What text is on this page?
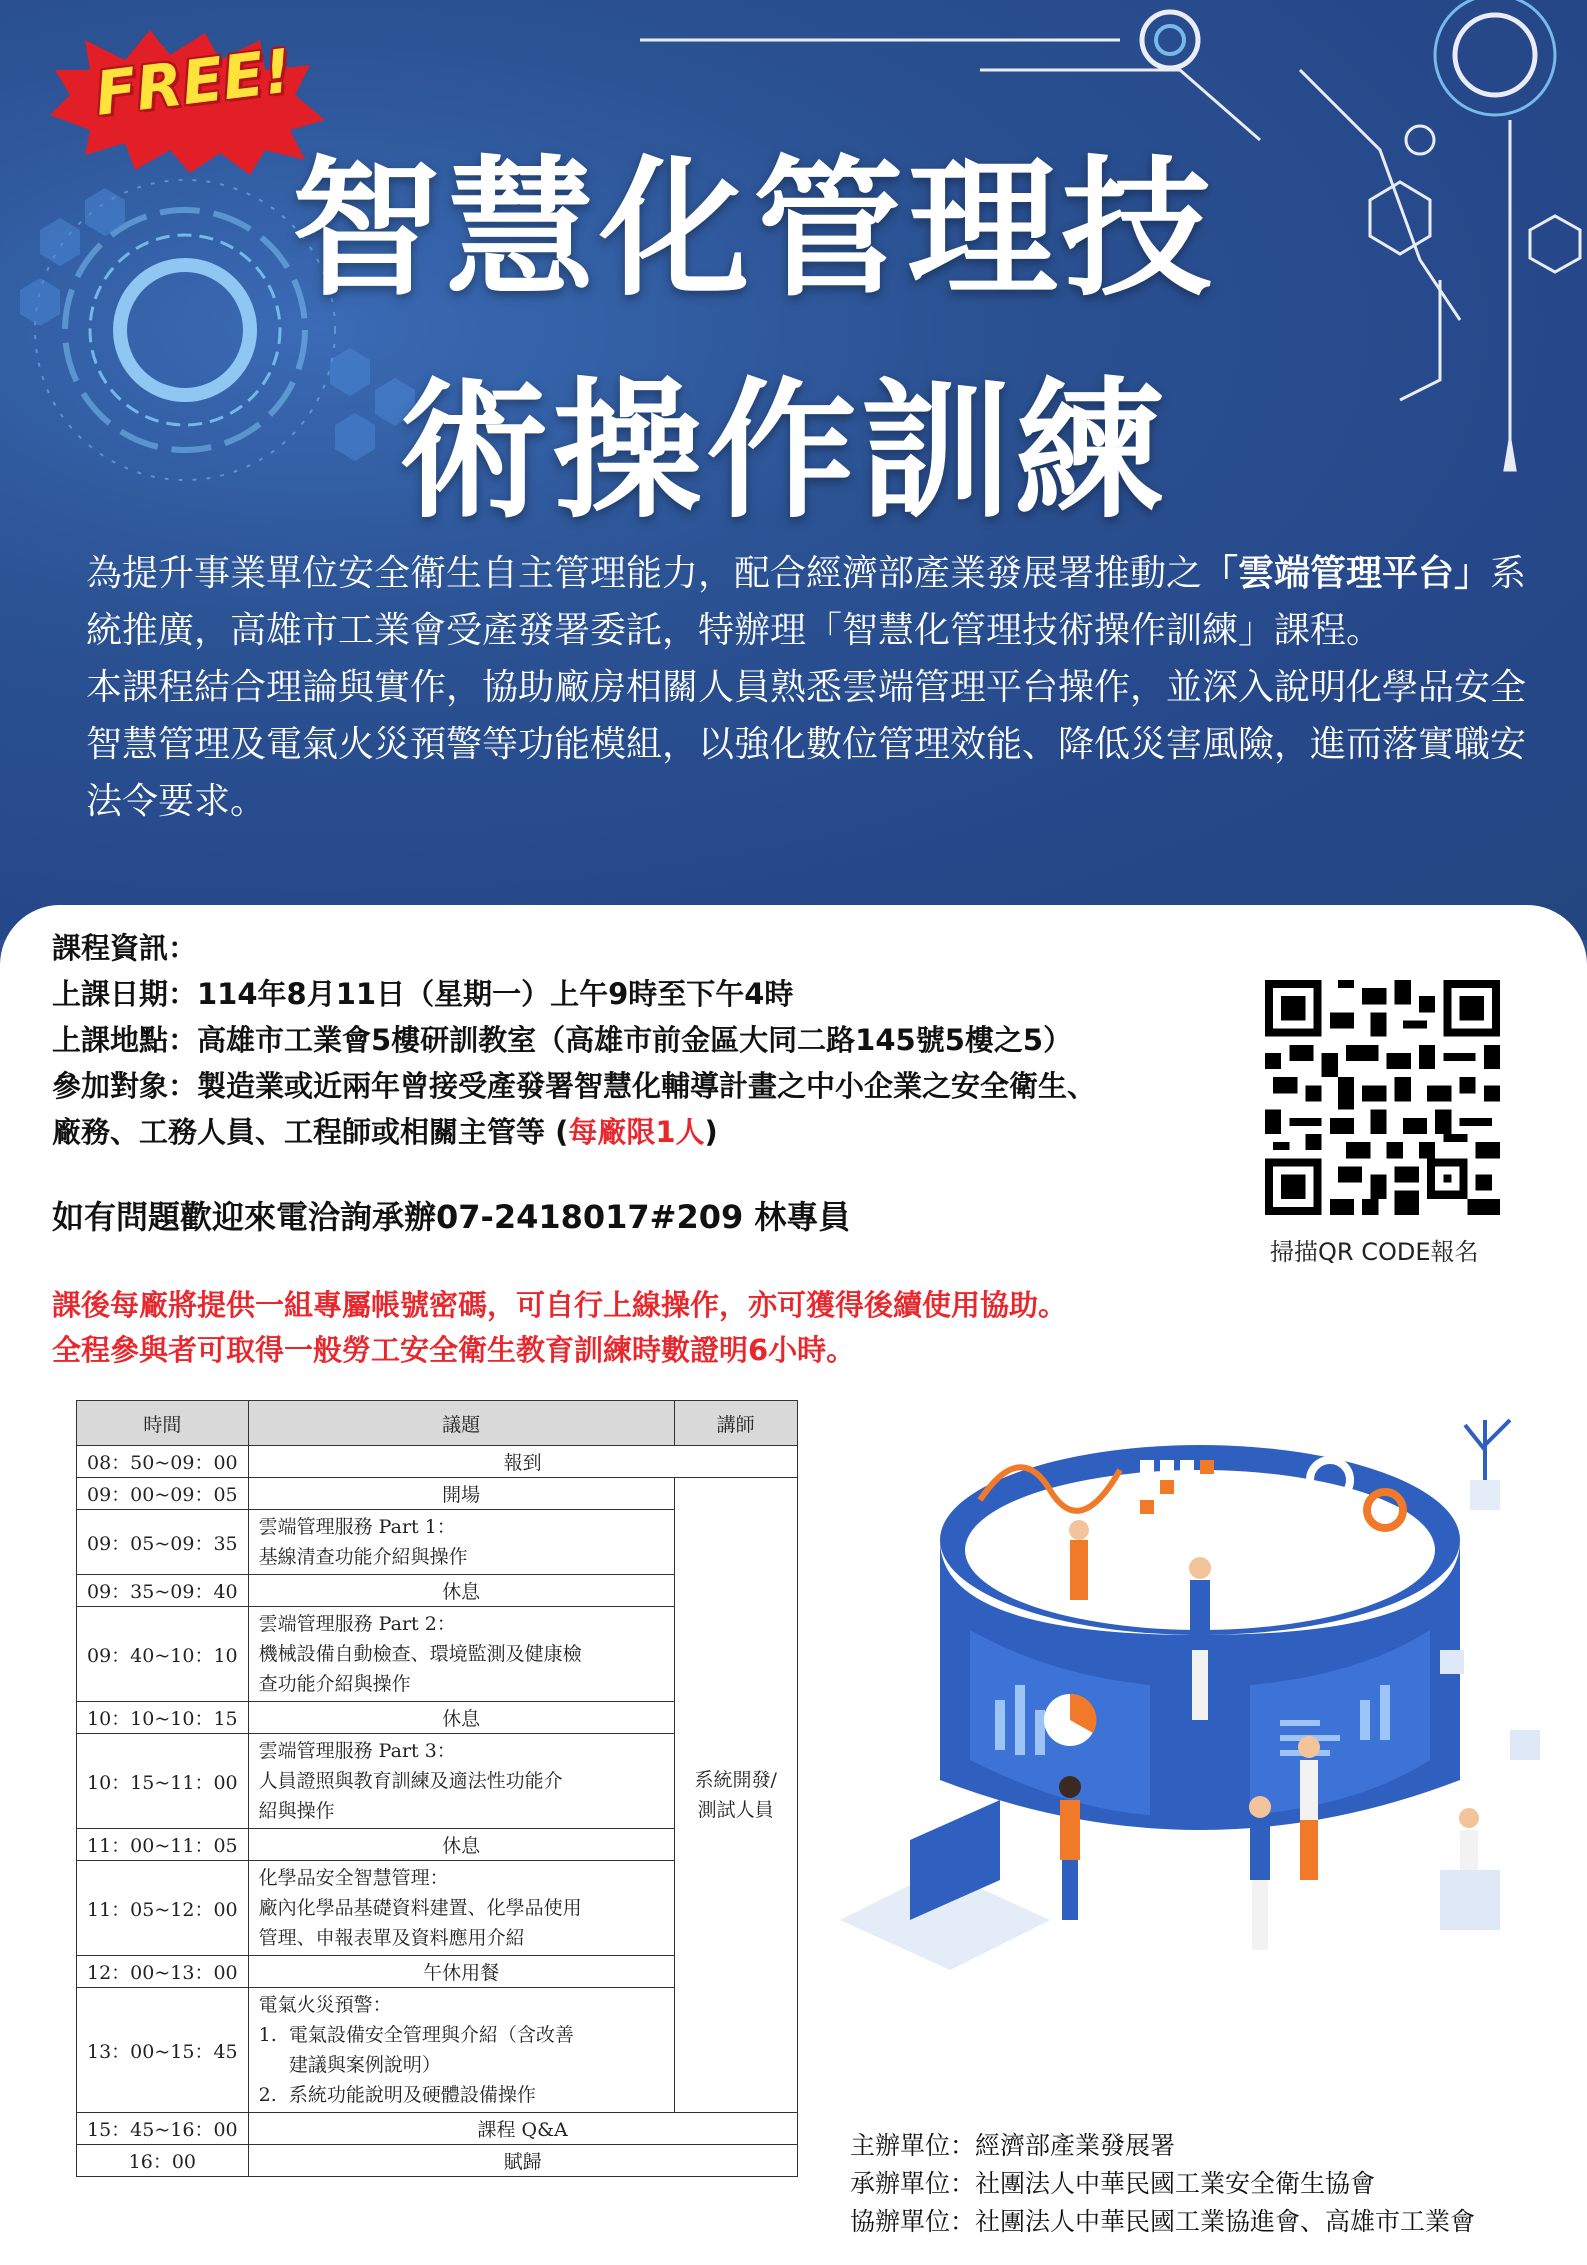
FREE!
智慧化管理技
術操作訓練

為提升事業單位安全衛生自主管理能力，配合經濟部產業發展署推動之「雲端管理平台」系統推廣，高雄市工業會受產發署委託，特辦理「智慧化管理技術操作訓練」課程。

本課程結合理論與實作，協助廠房相關人員熟悉雲端管理平台操作，並深入說明化學品安全智慧管理及電氣火災預警等功能模組，以強化數位管理效能、降低災害風險，進而落實職安法令要求。

課程資訊：
上課日期：114年8月11日（星期一）上午9時至下午4時
上課地點：高雄市工業會5樓研訓教室（高雄市前金區大同二路145號5樓之5）
參加對象：製造業或近兩年曾接受產發署智慧化輔導計畫之中小企業之安全衛生、
廠務、工務人員、工程師或相關主管等 (每廠限1人)
如有問題歡迎來電洽詢承辦07-2418017#209 林專員
掃描QR CODE報名
課後每廠將提供一組專屬帳號密碼，可自行上線操作，亦可獲得後續使用協助。
全程參與者可取得一般勞工安全衛生教育訓練時數證明6小時。
時間	議題	講師
08：50~09：00	報到	

09：00~09：05	開場	系統開發/
測試人員

09：05~09：35	雲端管理服務 Part 1：
基線清查功能介紹與操作	

09：35~09：40	休息	

09：40~10：10	雲端管理服務 Part 2：
機械設備自動檢查、環境監測及健康檢
查功能介紹與操作	

10：10~10：15	休息	

10：15~11：00	雲端管理服務 Part 3：
人員證照與教育訓練及適法性功能介
紹與操作	

11：00~11：05	休息	

11：05~12：00	化學品安全智慧管理：
廠內化學品基礎資料建置、化學品使用
管理、申報表單及資料應用介紹	

12：00~13：00	午休用餐	

13：00~15：45	電氣火災預警：
1.  電氣設備安全管理與介紹（含改善
建議與案例說明）
2.  系統功能說明及硬體設備操作	

15：45~16：00	課程 Q&A	

16：00	賦歸	
主辦單位：經濟部產業發展署
承辦單位：社團法人中華民國工業安全衛生協會
協辦單位：社團法人中華民國工業協進會、高雄市工業會
